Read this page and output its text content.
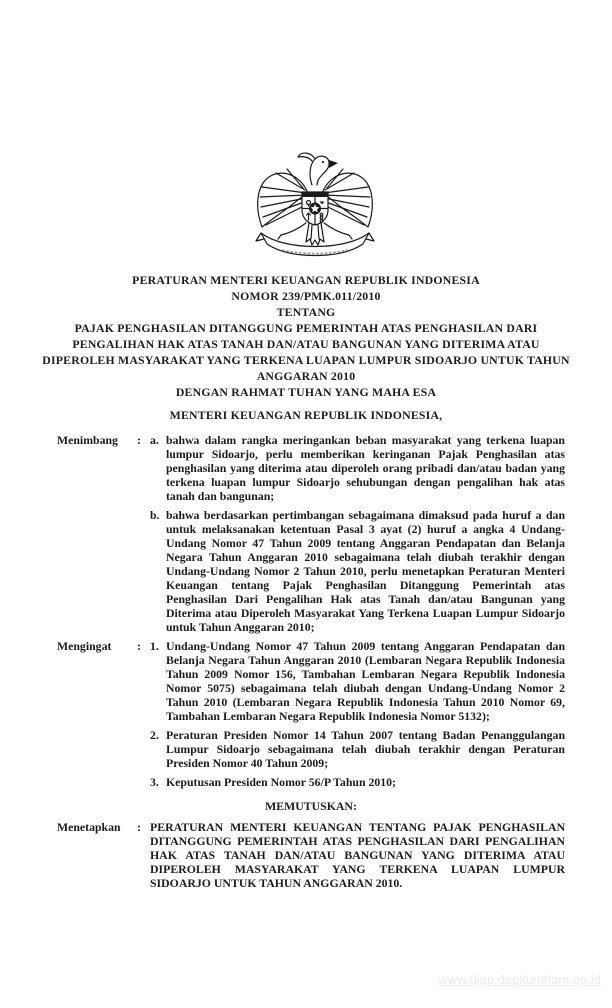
PERATURAN MENTERI KEUANGAN REPUBLIK INDONESIA
NOMOR 239/PMK.011/2010
TENTANG
PAJAK PENGHASILAN DITANGGUNG PEMERINTAH ATAS PENGHASILAN DARI
PENGALIHAN HAK ATAS TANAH DAN/ATAU BANGUNAN YANG DITERIMA ATAU
DIPEROLEH MASYARAKAT YANG TERKENA LUAPAN LUMPUR SIDOARJO UNTUK TAHUN
ANGGARAN 2010
DENGAN RAHMAT TUHAN YANG MAHA ESA
MENTERI KEUANGAN REPUBLIK INDONESIA,
Menimbang	: a. bahwa dalam rangka meringankan beban masyarakat yang terkena luapan lumpur Sidoarjo, perlu memberikan keringanan Pajak Penghasilan atas penghasilan yang diterima atau diperoleh orang pribadi dan/atau badan yang terkena luapan lumpur Sidoarjo sehubungan dengan pengalihan hak atas tanah dan bangunan;
b. bahwa berdasarkan pertimbangan sebagaimana dimaksud pada huruf a dan untuk melaksanakan ketentuan Pasal 3 ayat (2) huruf a angka 4 Undang-Undang Nomor 47 Tahun 2009 tentang Anggaran Pendapatan dan Belanja Negara Tahun Anggaran 2010 sebagaimana telah diubah terakhir dengan Undang-Undang Nomor 2 Tahun 2010, perlu menetapkan Peraturan Menteri Keuangan tentang Pajak Penghasilan Ditanggung Pemerintah atas Penghasilan Dari Pengalihan Hak atas Tanah dan/atau Bangunan yang Diterima atau Diperoleh Masyarakat Yang Terkena Luapan Lumpur Sidoarjo untuk Tahun Anggaran 2010;
Mengingat	: 1. Undang-Undang Nomor 47 Tahun 2009 tentang Anggaran Pendapatan dan Belanja Negara Tahun Anggaran 2010 (Lembaran Negara Republik Indonesia Tahun 2009 Nomor 156, Tambahan Lembaran Negara Republik Indonesia Nomor 5075) sebagaimana telah diubah dengan Undang-Undang Nomor 2 Tahun 2010 (Lembaran Negara Republik Indonesia Tahun 2010 Nomor 69, Tambahan Lembaran Negara Republik Indonesia Nomor 5132);
2. Peraturan Presiden Nomor 14 Tahun 2007 tentang Badan Penanggulangan Lumpur Sidoarjo sebagaimana telah diubah terakhir dengan Peraturan Presiden Nomor 40 Tahun 2009;
3. Keputusan Presiden Nomor 56/P Tahun 2010;
MEMUTUSKAN:
Menetapkan	: PERATURAN MENTERI KEUANGAN TENTANG PAJAK PENGHASILAN DITANGGUNG PEMERINTAH ATAS PENGHASILAN DARI PENGALIHAN HAK ATAS TANAH DAN/ATAU BANGUNAN YANG DITERIMA ATAU DIPEROLEH MASYARAKAT YANG TERKENA LUAPAN LUMPUR SIDOARJO UNTUK TAHUN ANGGARAN 2010.
www.djpp.depkumham.go.id
